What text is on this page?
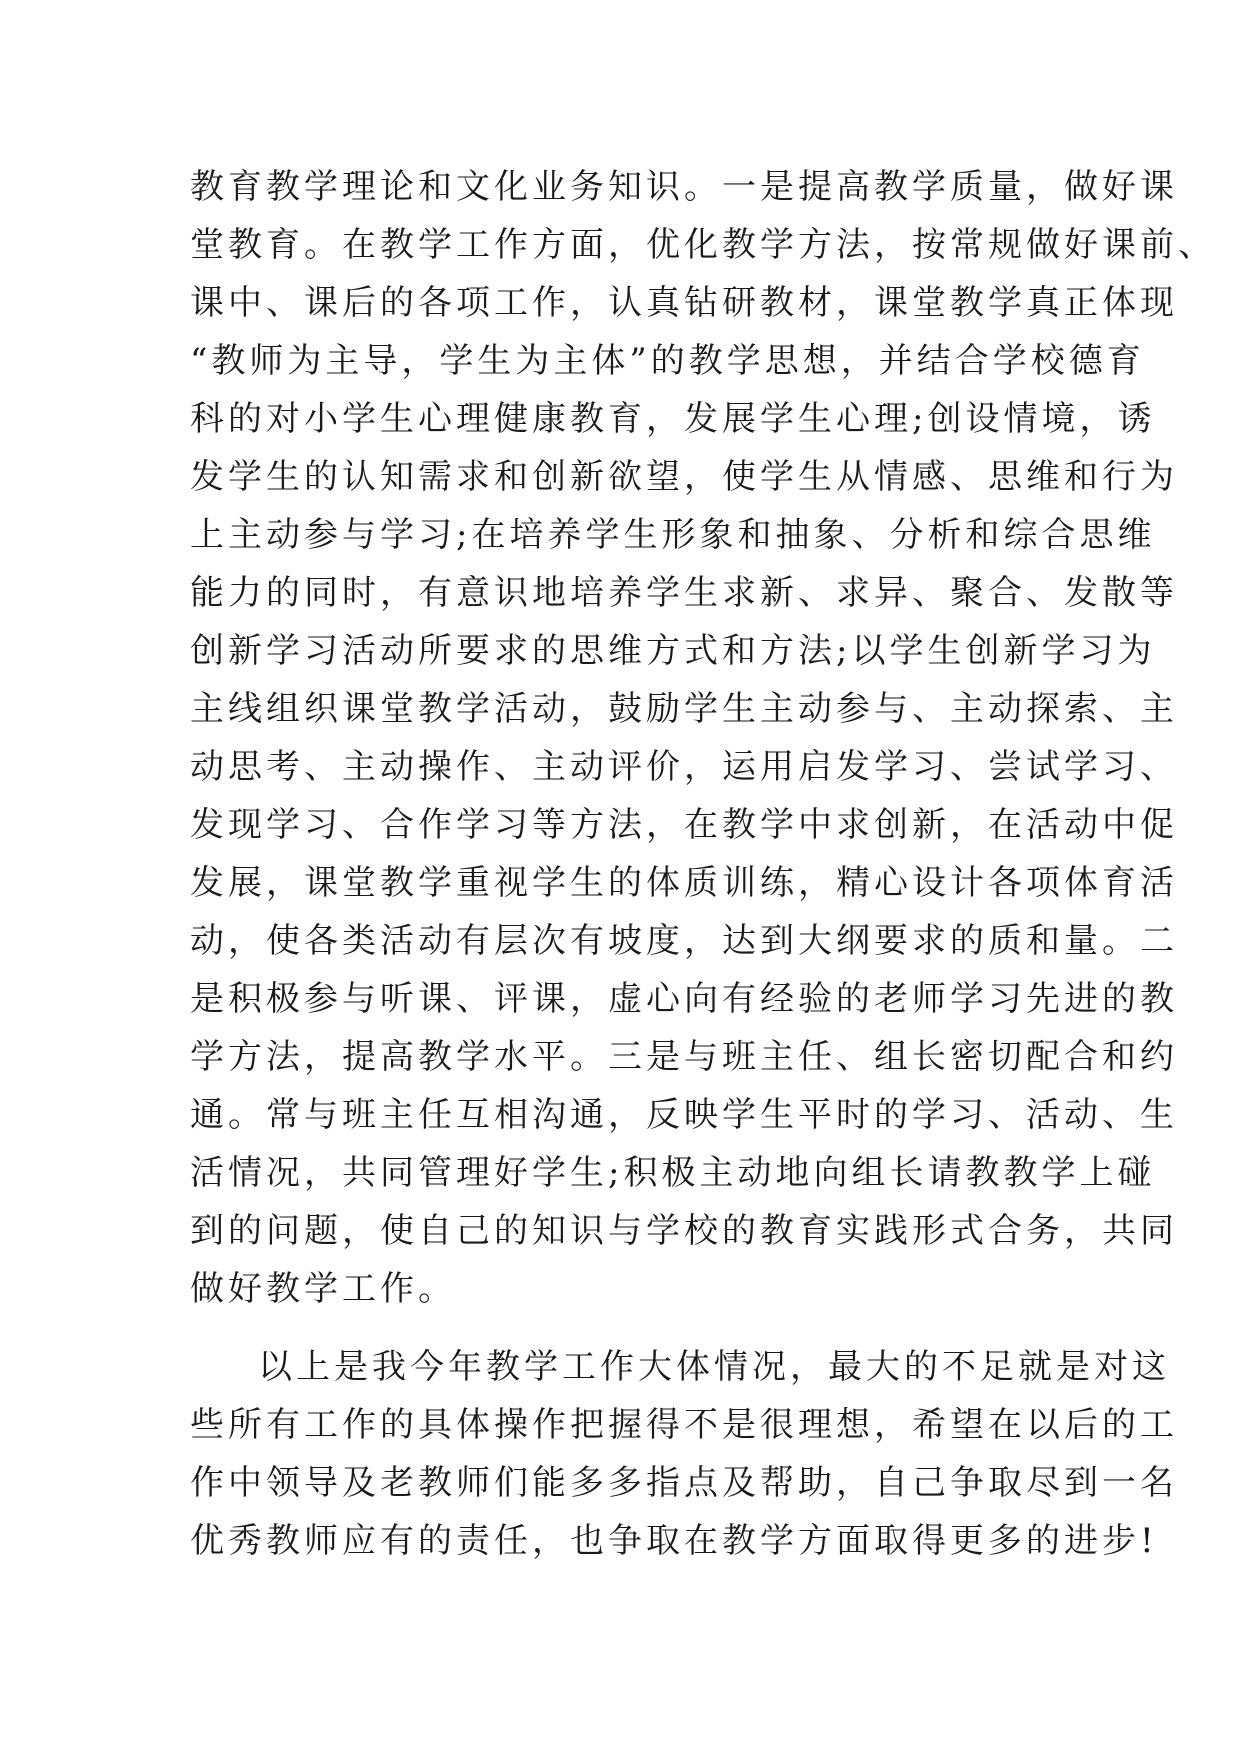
教育教学理论和文化业务知识。一是提高教学质量，做好课

堂教育。在教学工作方面，优化教学方法，按常规做好课前、

课中、课后的各项工作，认真钻研教材，课堂教学真正体现

“教师为主导，学生为主体”的教学思想，并结合学校德育

科的对小学生心理健康教育，发展学生心理;创设情境，诱

发学生的认知需求和创新欲望，使学生从情感、思维和行为

上主动参与学习;在培养学生形象和抽象、分析和综合思维

能力的同时，有意识地培养学生求新、求异、聚合、发散等

创新学习活动所要求的思维方式和方法;以学生创新学习为

主线组织课堂教学活动，鼓励学生主动参与、主动探索、主

动思考、主动操作、主动评价，运用启发学习、尝试学习、

发现学习、合作学习等方法，在教学中求创新，在活动中促

发展，课堂教学重视学生的体质训练，精心设计各项体育活

动，使各类活动有层次有坡度，达到大纲要求的质和量。二

是积极参与听课、评课，虚心向有经验的老师学习先进的教

学方法，提高教学水平。三是与班主任、组长密切配合和约

通。常与班主任互相沟通，反映学生平时的学习、活动、生

活情况，共同管理好学生;积极主动地向组长请教教学上碰

到的问题，使自己的知识与学校的教育实践形式合务，共同

做好教学工作。

以上是我今年教学工作大体情况，最大的不足就是对这

些所有工作的具体操作把握得不是很理想，希望在以后的工

作中领导及老教师们能多多指点及帮助，自己争取尽到一名

优秀教师应有的责任，也争取在教学方面取得更多的进步!
